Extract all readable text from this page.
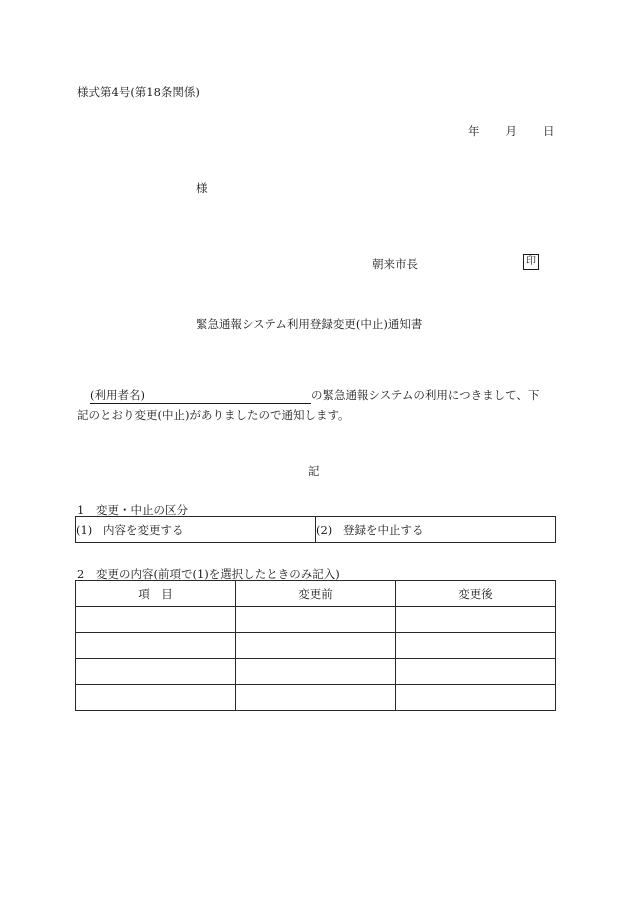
様式第4号(第18条関係)
年 月 日
様
朝来市長	印
緊急通報システム利用登録変更(中止)通知書
(利用者名)	の緊急通報システムの利用につきまして、下
記のとおり変更(中止)がありましたので通知します。
記
1 変更・中止の区分
(1) 内容を変更する	(2) 登録を中止する
2 変更の内容(前項で(1)を選択したときのみ記入)
項　目	変更前	変更後
